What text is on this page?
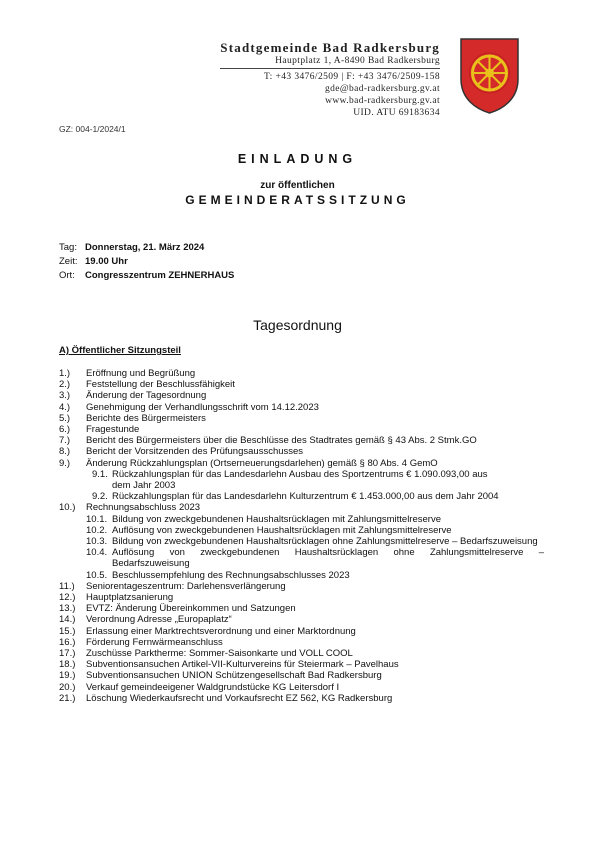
Stadtgemeinde Bad Radkersburg
Hauptplatz 1, A-8490 Bad Radkersburg
T: +43 3476/2509 | F: +43 3476/2509-158
gde@bad-radkersburg.gv.at
www.bad-radkersburg.gv.at
UID. ATU 69183634
GZ: 004-1/2024/1
EINLADUNG
zur öffentlichen
GEMEINDERATSSITZUNG
Tag: Donnerstag, 21. März 2024
Zeit: 19.00 Uhr
Ort: Congresszentrum ZEHNERHAUS
Tagesordnung
A) Öffentlicher Sitzungsteil
1.)	Eröffnung und Begrüßung
2.)	Feststellung der Beschlussfähigkeit
3.)	Änderung der Tagesordnung
4.)	Genehmigung der Verhandlungsschrift vom 14.12.2023
5.)	Berichte des Bürgermeisters
6.)	Fragestunde
7.)	Bericht des Bürgermeisters über die Beschlüsse des Stadtrates gemäß § 43 Abs. 2 Stmk.GO
8.)	Bericht der Vorsitzenden des Prüfungsausschusses
9.)	Änderung Rückzahlungsplan (Ortserneuerungsdarlehen) gemäß § 80 Abs. 4 GemO
9.1. Rückzahlungsplan für das Landesdarlehn Ausbau des Sportzentrums € 1.090.093,00 aus dem Jahr 2003
9.2. Rückzahlungsplan für das Landesdarlehn Kulturzentrum € 1.453.000,00 aus dem Jahr 2004
10.)	Rechnungsabschluss 2023
10.1. Bildung von zweckgebundenen Haushaltsrücklagen mit Zahlungsmittelreserve
10.2. Auflösung von zweckgebundenen Haushaltsrücklagen mit Zahlungsmittelreserve
10.3. Bildung von zweckgebundenen Haushaltsrücklagen ohne Zahlungsmittelreserve – Bedarfszuweisung
10.4. Auflösung von zweckgebundenen Haushaltsrücklagen ohne Zahlungsmittelreserve – Bedarfszuweisung
10.5. Beschlussempfehlung des Rechnungsabschlusses 2023
11.)	Seniorentageszentrum: Darlehensverlängerung
12.)	Hauptplatzsanierung
13.)	EVTZ: Änderung Übereinkommen und Satzungen
14.)	Verordnung Adresse „Europaplatz“
15.)	Erlassung einer Marktrechtsverordnung und einer Marktordnung
16.)	Förderung Fernwärmeanschluss
17.)	Zuschüsse Parktherme: Sommer-Saisonkarte und VOLL COOL
18.)	Subventionsansuchen Artikel-VII-Kulturvereins für Steiermark – Pavelhaus
19.)	Subventionsansuchen UNION Schützengesellschaft Bad Radkersburg
20.)	Verkauf gemeindeeigener Waldgrundstücke KG Leitersdorf I
21.)	Löschung Wiederkaufsrecht und Vorkaufsrecht EZ 562, KG Radkersburg
